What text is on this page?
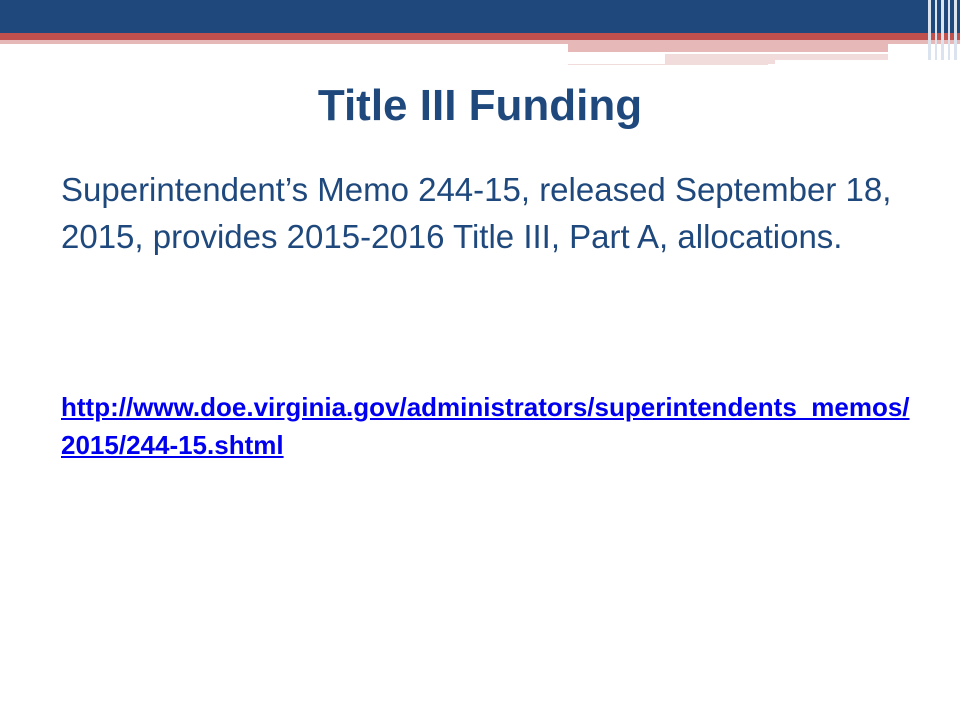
Title III Funding

Superintendent’s Memo 244-15, released September 18, 2015, provides 2015-2016 Title III, Part A, allocations.

http://www.doe.virginia.gov/administrators/superintendents_memos/2015/244-15.shtml
